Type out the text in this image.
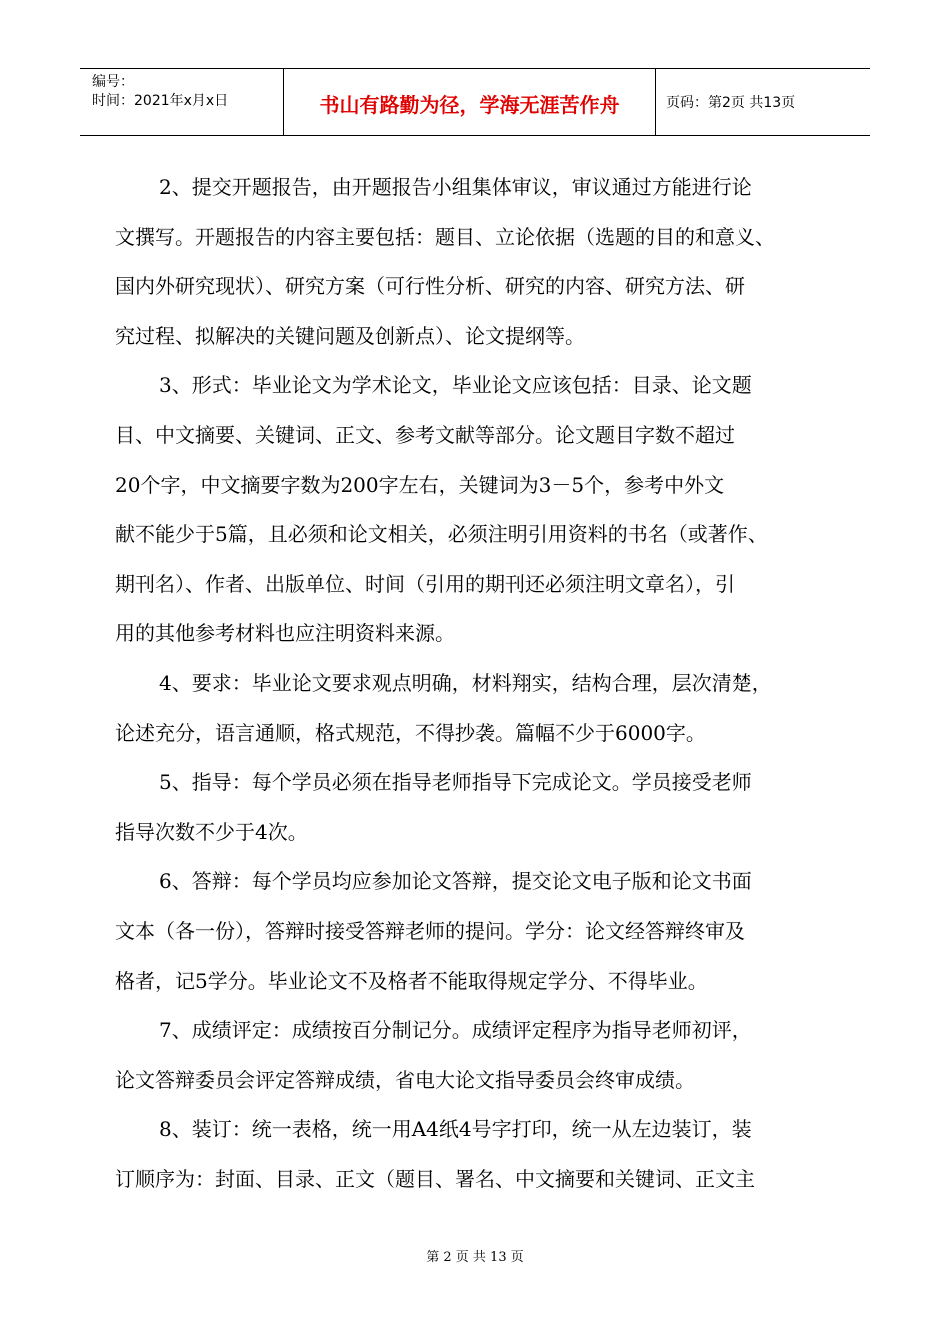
编号：
时间：2021年x月x日	书山有路勤为径，学海无涯苦作舟	页码：第2页 共13页

2、提交开题报告，由开题报告小组集体审议，审议通过方能进行论
文撰写。开题报告的内容主要包括：题目、立论依据（选题的目的和意义、
国内外研究现状）、研究方案（可行性分析、研究的内容、研究方法、研
究过程、拟解决的关键问题及创新点）、论文提纲等。

3、形式：毕业论文为学术论文，毕业论文应该包括：目录、论文题
目、中文摘要、关键词、正文、参考文献等部分。论文题目字数不超过
20个字，中文摘要字数为200字左右，关键词为3－5个，参考中外文
献不能少于5篇，且必须和论文相关，必须注明引用资料的书名（或著作、
期刊名）、作者、出版单位、时间（引用的期刊还必须注明文章名），引
用的其他参考材料也应注明资料来源。

4、要求：毕业论文要求观点明确，材料翔实，结构合理，层次清楚，
论述充分，语言通顺，格式规范，不得抄袭。篇幅不少于6000字。

5、指导：每个学员必须在指导老师指导下完成论文。学员接受老师
指导次数不少于4次。

6、答辩：每个学员均应参加论文答辩，提交论文电子版和论文书面
文本（各一份），答辩时接受答辩老师的提问。学分：论文经答辩终审及
格者，记5学分。毕业论文不及格者不能取得规定学分、不得毕业。

7、成绩评定：成绩按百分制记分。成绩评定程序为指导老师初评，
论文答辩委员会评定答辩成绩，省电大论文指导委员会终审成绩。

8、装订：统一表格，统一用A4纸4号字打印，统一从左边装订，装
订顺序为：封面、目录、正文（题目、署名、中文摘要和关键词、正文主

第 2 页 共 13 页
